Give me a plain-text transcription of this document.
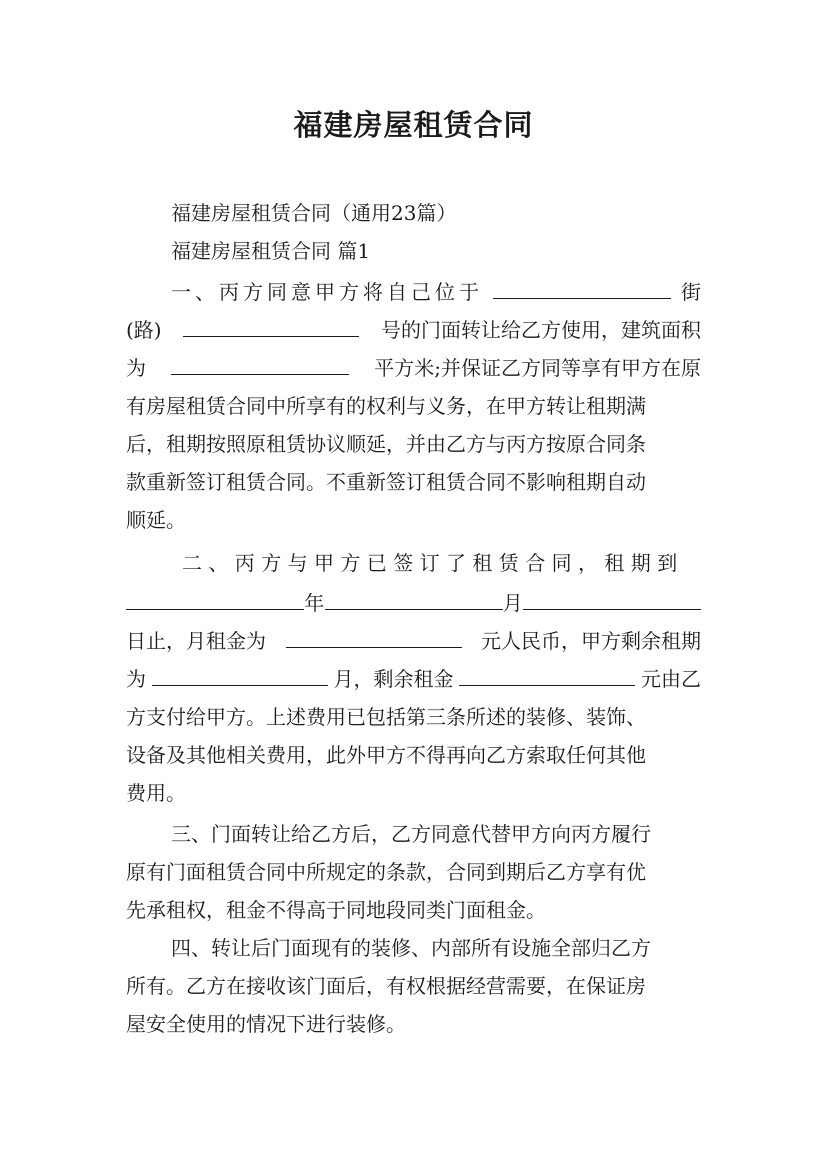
福建房屋租赁合同
福建房屋租赁合同（通用23篇）
福建房屋租赁合同 篇1
一、丙方同意甲方将自己位于	街
(路)	号的门面转让给乙方使用，建筑面积
为	平方米;并保证乙方同等享有甲方在原
有房屋租赁合同中所享有的权利与义务，在甲方转让租期满
后，租期按照原租赁协议顺延，并由乙方与丙方按原合同条
款重新签订租赁合同。不重新签订租赁合同不影响租期自动
顺延。
二、丙方与甲方已签订了租赁合同，租期到
年	月
日止，月租金为	元人民币，甲方剩余租期
为	月，剩余租金	元由乙
方支付给甲方。上述费用已包括第三条所述的装修、装饰、
设备及其他相关费用，此外甲方不得再向乙方索取任何其他
费用。
三、门面转让给乙方后，乙方同意代替甲方向丙方履行
原有门面租赁合同中所规定的条款，合同到期后乙方享有优
先承租权，租金不得高于同地段同类门面租金。
四、转让后门面现有的装修、内部所有设施全部归乙方
所有。乙方在接收该门面后，有权根据经营需要，在保证房
屋安全使用的情况下进行装修。
